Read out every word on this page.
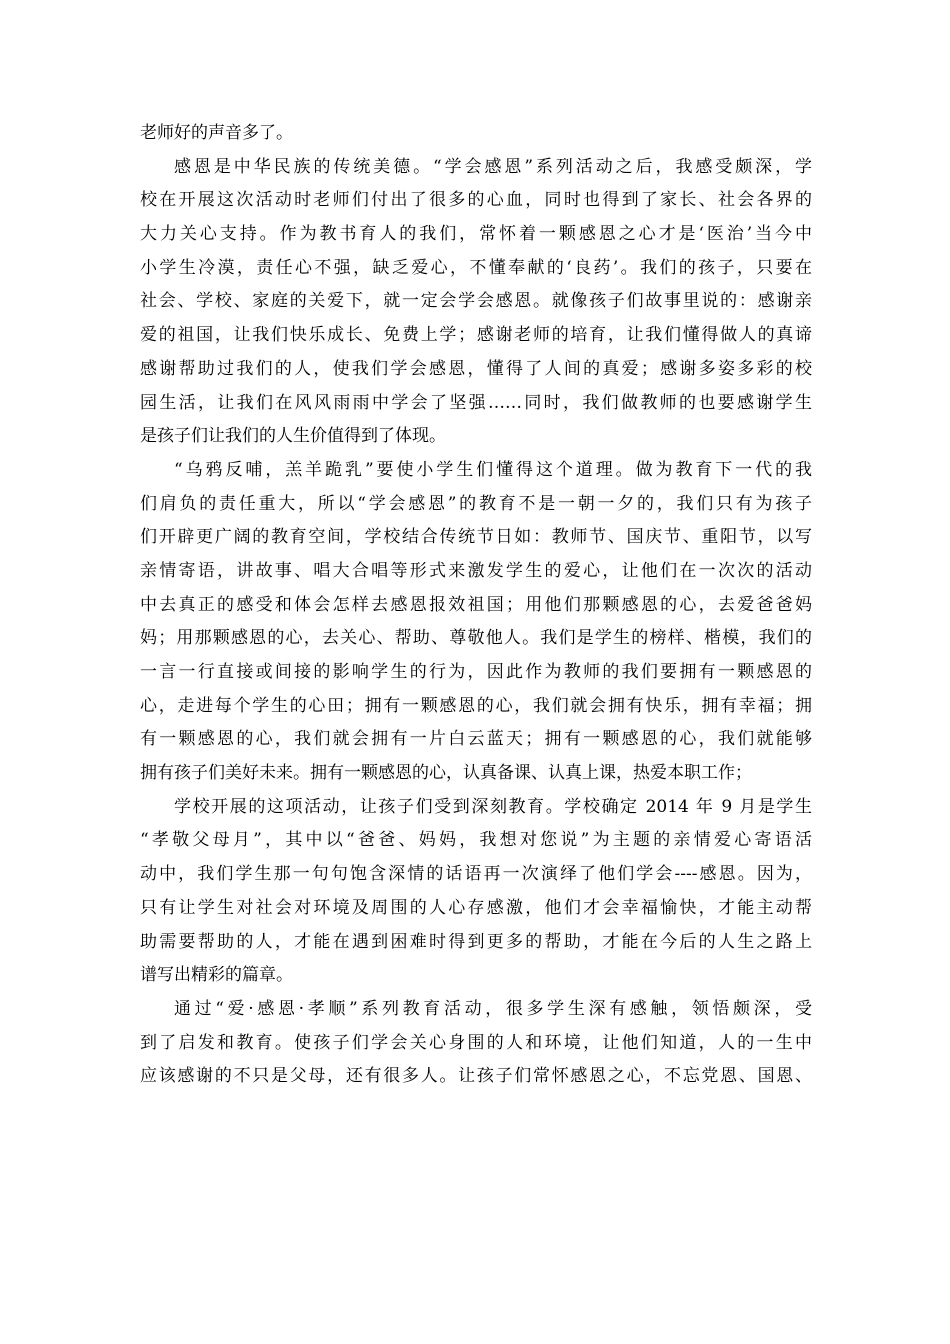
老师好的声音多了。
感恩是中华民族的传统美德。“学会感恩”系列活动之后，我感受颇深，学
校在开展这次活动时老师们付出了很多的心血，同时也得到了家长、社会各界的
大力关心支持。作为教书育人的我们，常怀着一颗感恩之心才是‘医治’当今中
小学生冷漠，责任心不强，缺乏爱心，不懂奉献的‘良药’。我们的孩子，只要在
社会、学校、家庭的关爱下，就一定会学会感恩。就像孩子们故事里说的：感谢亲
爱的祖国，让我们快乐成长、免费上学；感谢老师的培育，让我们懂得做人的真谛
感谢帮助过我们的人，使我们学会感恩，懂得了人间的真爱；感谢多姿多彩的校
园生活，让我们在风风雨雨中学会了坚强……同时，我们做教师的也要感谢学生
是孩子们让我们的人生价值得到了体现。
“乌鸦反哺，羔羊跪乳”要使小学生们懂得这个道理。做为教育下一代的我
们肩负的责任重大，所以“学会感恩”的教育不是一朝一夕的，我们只有为孩子
们开辟更广阔的教育空间，学校结合传统节日如：教师节、国庆节、重阳节，以写
亲情寄语，讲故事、唱大合唱等形式来激发学生的爱心，让他们在一次次的活动
中去真正的感受和体会怎样去感恩报效祖国；用他们那颗感恩的心，去爱爸爸妈
妈；用那颗感恩的心，去关心、帮助、尊敬他人。我们是学生的榜样、楷模，我们的
一言一行直接或间接的影响学生的行为，因此作为教师的我们要拥有一颗感恩的
心，走进每个学生的心田；拥有一颗感恩的心，我们就会拥有快乐，拥有幸福；拥
有一颗感恩的心，我们就会拥有一片白云蓝天；拥有一颗感恩的心，我们就能够
拥有孩子们美好未来。拥有一颗感恩的心，认真备课、认真上课，热爱本职工作；
学校开展的这项活动，让孩子们受到深刻教育。学校确定 2014 年 9 月是学生
“孝敬父母月”，其中以“爸爸、妈妈，我想对您说”为主题的亲情爱心寄语活
动中，我们学生那一句句饱含深情的话语再一次演绎了他们学会----感恩。因为，
只有让学生对社会对环境及周围的人心存感激，他们才会幸福愉快，才能主动帮
助需要帮助的人，才能在遇到困难时得到更多的帮助，才能在今后的人生之路上
谱写出精彩的篇章。
通过“爱·感恩·孝顺”系列教育活动，很多学生深有感触，领悟颇深，受
到了启发和教育。使孩子们学会关心身围的人和环境，让他们知道，人的一生中
应该感谢的不只是父母，还有很多人。让孩子们常怀感恩之心，不忘党恩、国恩、
